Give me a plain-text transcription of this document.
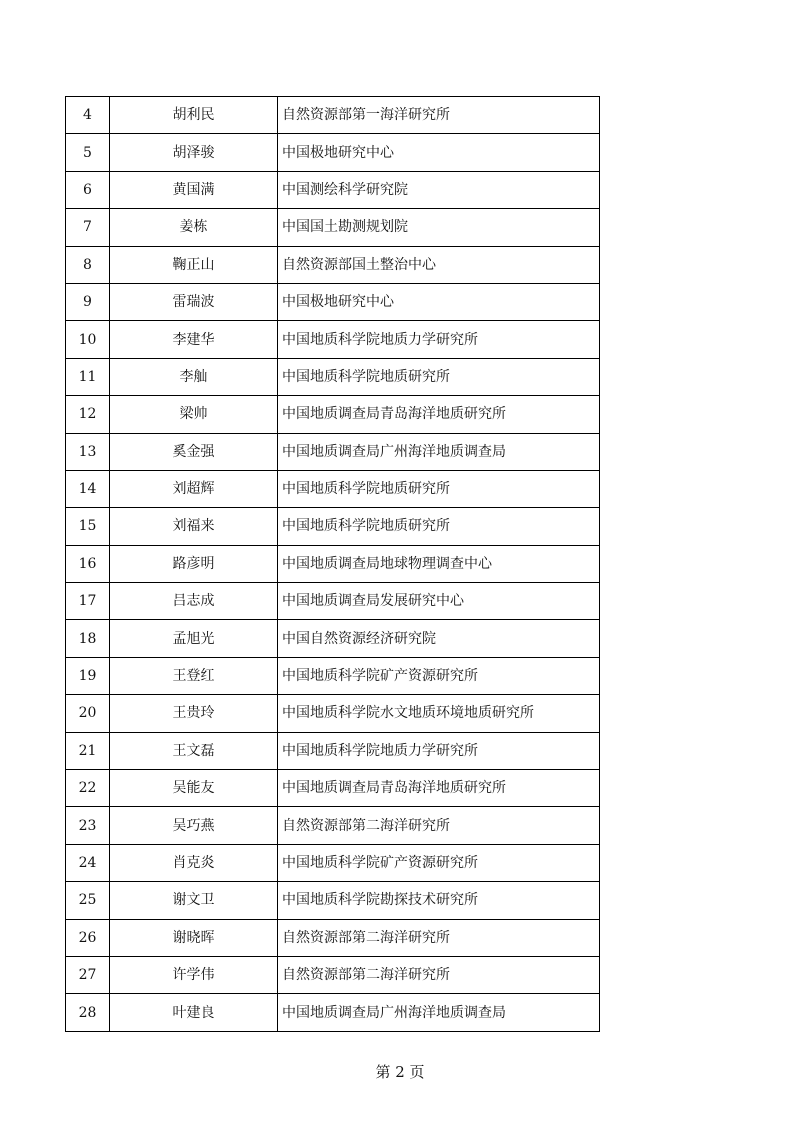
4	胡利民	自然资源部第一海洋研究所
5	胡泽骏	中国极地研究中心
6	黄国满	中国测绘科学研究院
7	姜栋	中国国土勘测规划院
8	鞠正山	自然资源部国土整治中心
9	雷瑞波	中国极地研究中心
10	李建华	中国地质科学院地质力学研究所
11	李舢	中国地质科学院地质研究所
12	梁帅	中国地质调查局青岛海洋地质研究所
13	奚金强	中国地质调查局广州海洋地质调查局
14	刘超辉	中国地质科学院地质研究所
15	刘福来	中国地质科学院地质研究所
16	路彦明	中国地质调查局地球物理调查中心
17	吕志成	中国地质调查局发展研究中心
18	孟旭光	中国自然资源经济研究院
19	王登红	中国地质科学院矿产资源研究所
20	王贵玲	中国地质科学院水文地质环境地质研究所
21	王文磊	中国地质科学院地质力学研究所
22	吴能友	中国地质调查局青岛海洋地质研究所
23	吴巧燕	自然资源部第二海洋研究所
24	肖克炎	中国地质科学院矿产资源研究所
25	谢文卫	中国地质科学院勘探技术研究所
26	谢晓晖	自然资源部第二海洋研究所
27	许学伟	自然资源部第二海洋研究所
28	叶建良	中国地质调查局广州海洋地质调查局
第 2 页
